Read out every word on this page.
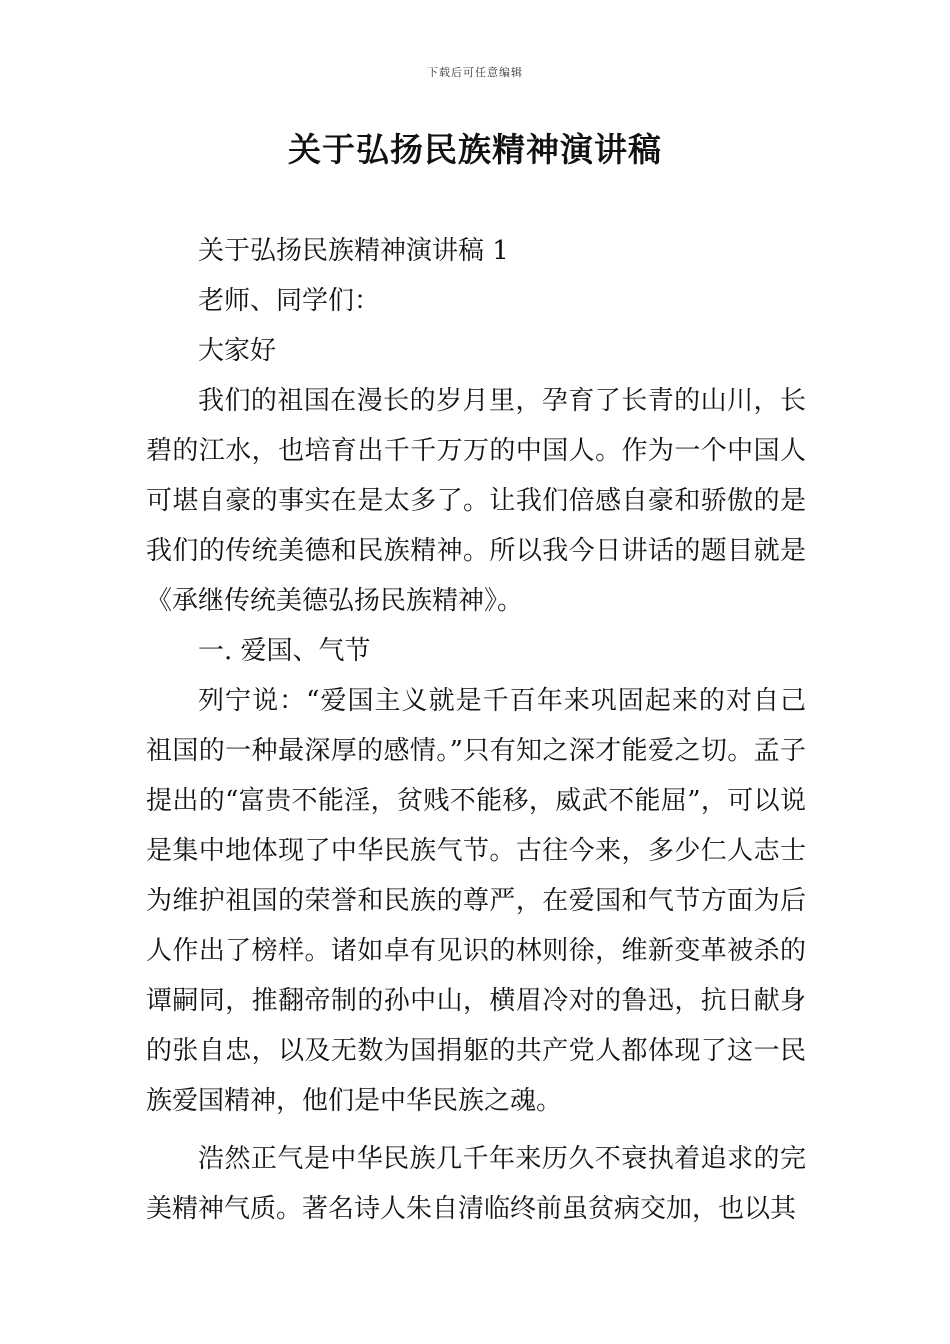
下载后可任意编辑
关于弘扬民族精神演讲稿

关于弘扬民族精神演讲稿 1

老师、同学们：

大家好

我们的祖国在漫长的岁月里，孕育了长青的山川，长碧的江水，也培育出千千万万的中国人。作为一个中国人可堪自豪的事实在是太多了。让我们倍感自豪和骄傲的是我们的传统美德和民族精神。所以我今日讲话的题目就是《承继传统美德弘扬民族精神》。

一. 爱国、气节

列宁说：“爱国主义就是千百年来巩固起来的对自己祖国的一种最深厚的感情。”只有知之深才能爱之切。孟子提出的“富贵不能淫，贫贱不能移，威武不能屈”，可以说是集中地体现了中华民族气节。古往今来，多少仁人志士为维护祖国的荣誉和民族的尊严，在爱国和气节方面为后人作出了榜样。诸如卓有见识的林则徐，维新变革被杀的谭嗣同，推翻帝制的孙中山，横眉冷对的鲁迅，抗日献身的张自忠，以及无数为国捐躯的共产党人都体现了这一民族爱国精神，他们是中华民族之魂。

浩然正气是中华民族几千年来历久不衰执着追求的完美精神气质。著名诗人朱自清临终前虽贫病交加，也以其
